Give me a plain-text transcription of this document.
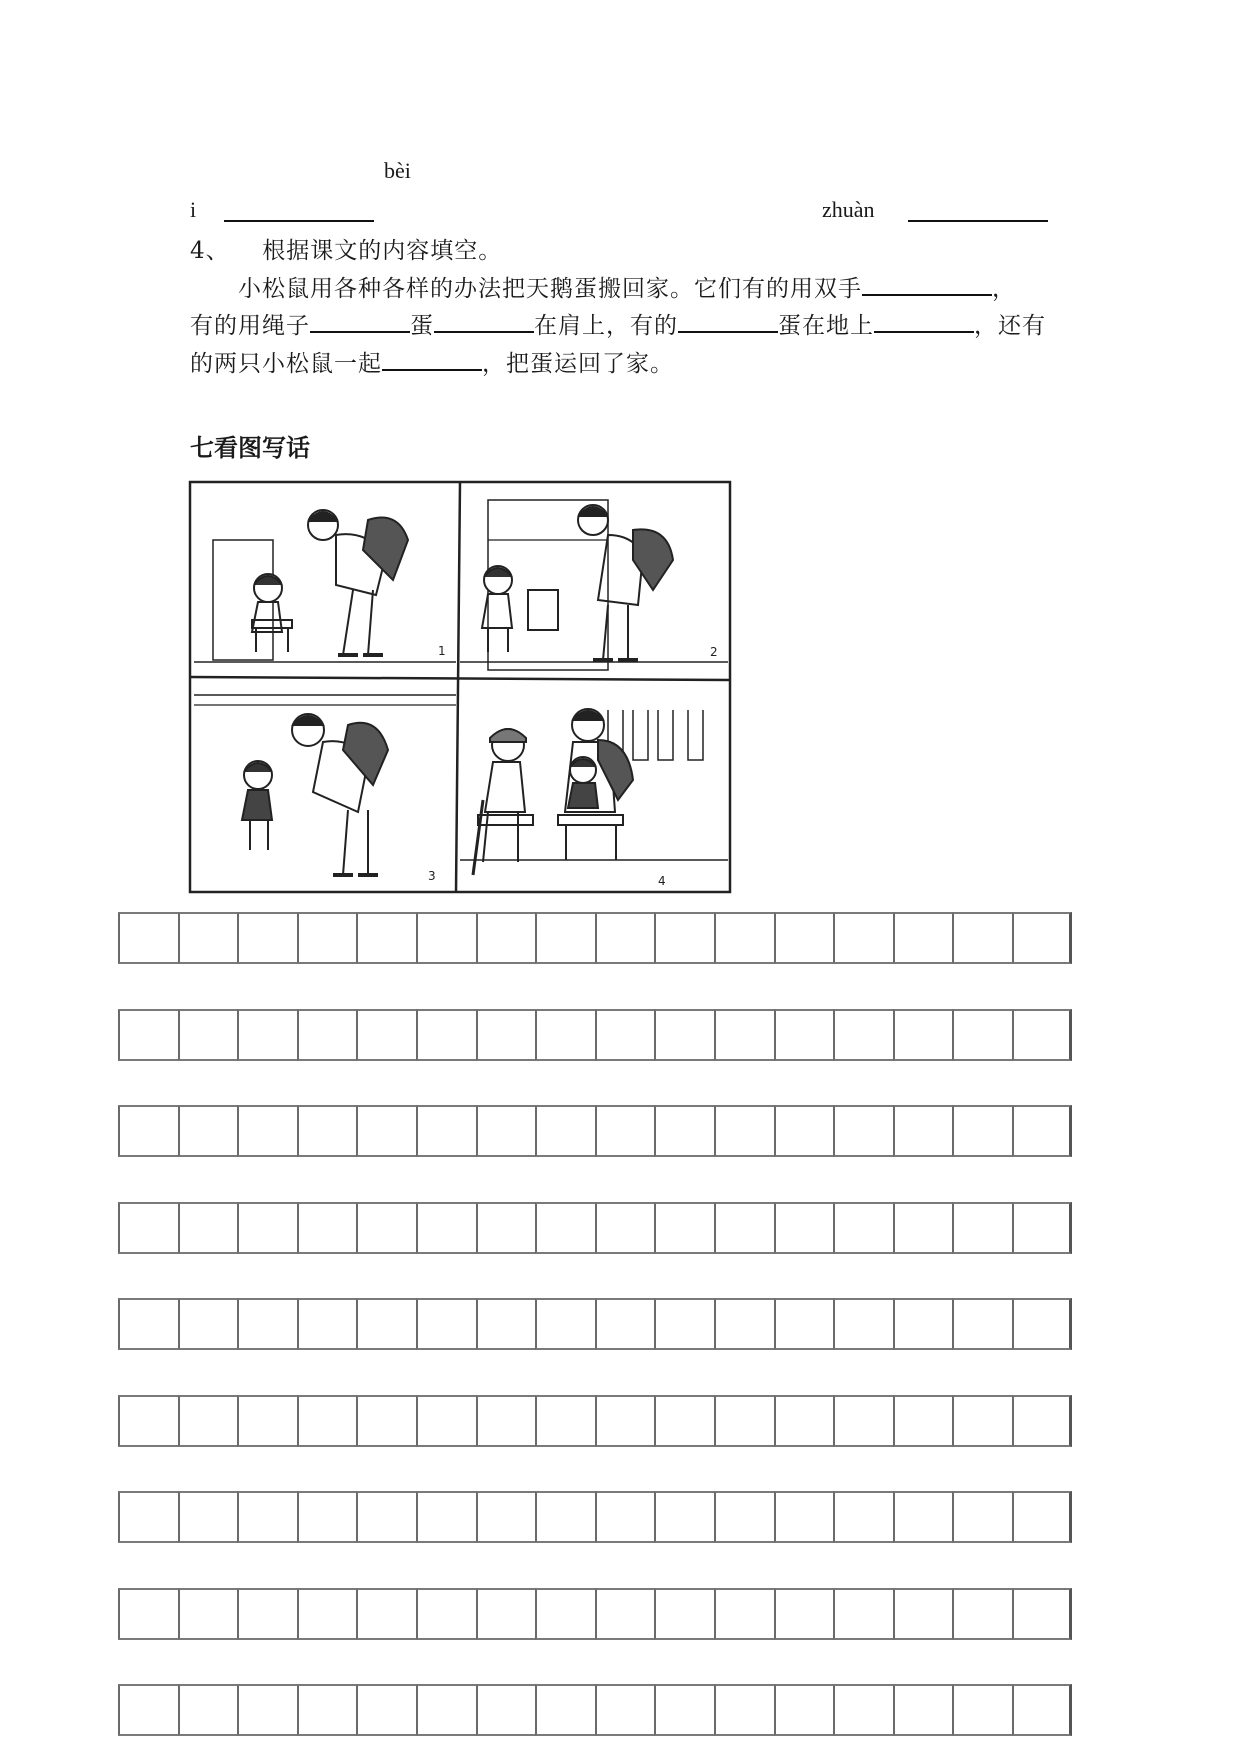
bèi
i	zhuàn
4、 根据课文的内容填空。
小松鼠用各种各样的办法把天鹅蛋搬回家。它们有的用双手	，
有的用绳子	蛋	在肩上，有的	蛋在地上	，还有
的两只小松鼠一起	，把蛋运回了家。
七看图写话
1	2
3	4
